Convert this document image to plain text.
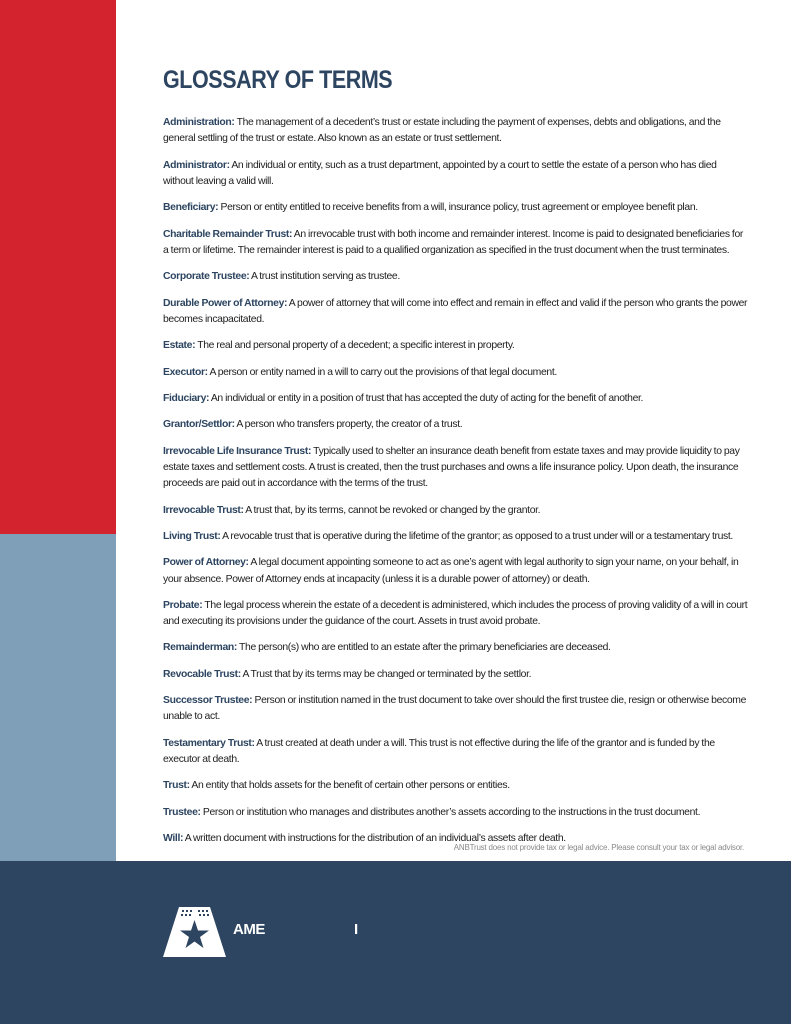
GLOSSARY OF TERMS

Administration: The management of a decedent’s trust or estate including the payment of expenses, debts and obligations, and the general settling of the trust or estate. Also known as an estate or trust settlement.

Administrator: An individual or entity, such as a trust department, appointed by a court to settle the estate of a person who has died without leaving a valid will.

Beneficiary: Person or entity entitled to receive benefits from a will, insurance policy, trust agreement or employee benefit plan.

Charitable Remainder Trust: An irrevocable trust with both income and remainder interest. Income is paid to designated beneficiaries for a term or lifetime. The remainder interest is paid to a qualified organization as specified in the trust document when the trust terminates.

Corporate Trustee: A trust institution serving as trustee.

Durable Power of Attorney: A power of attorney that will come into effect and remain in effect and valid if the person who grants the power becomes incapacitated.

Estate: The real and personal property of a decedent; a specific interest in property.

Executor: A person or entity named in a will to carry out the provisions of that legal document.

Fiduciary: An individual or entity in a position of trust that has accepted the duty of acting for the benefit of another.

Grantor/Settlor: A person who transfers property, the creator of a trust.

Irrevocable Life Insurance Trust: Typically used to shelter an insurance death benefit from estate taxes and may provide liquidity to pay estate taxes and settlement costs. A trust is created, then the trust purchases and owns a life insurance policy. Upon death, the insurance proceeds are paid out in accordance with the terms of the trust.

Irrevocable Trust: A trust that, by its terms, cannot be revoked or changed by the grantor.

Living Trust: A revocable trust that is operative during the lifetime of the grantor; as opposed to a trust under will or a testamentary trust.

Power of Attorney: A legal document appointing someone to act as one’s agent with legal authority to sign your name, on your behalf, in your absence. Power of Attorney ends at incapacity (unless it is a durable power of attorney) or death.

Probate: The legal process wherein the estate of a decedent is administered, which includes the process of proving validity of a will in court and executing its provisions under the guidance of the court. Assets in trust avoid probate.

Remainderman: The person(s) who are entitled to an estate after the primary beneficiaries are deceased.

Revocable Trust: A Trust that by its terms may be changed or terminated by the settlor.

Successor Trustee: Person or institution named in the trust document to take over should the first trustee die, resign or otherwise become unable to act.

Testamentary Trust: A trust created at death under a will. This trust is not effective during the life of the grantor and is funded by the executor at death.

Trust: An entity that holds assets for the benefit of certain other persons or entities.

Trustee: Person or institution who manages and distributes another’s assets according to the instructions in the trust document.

Will: A written document with instructions for the distribution of an individual’s assets after death.

ANBTrust does not provide tax or legal advice. Please consult your tax or legal advisor.
AME	I
